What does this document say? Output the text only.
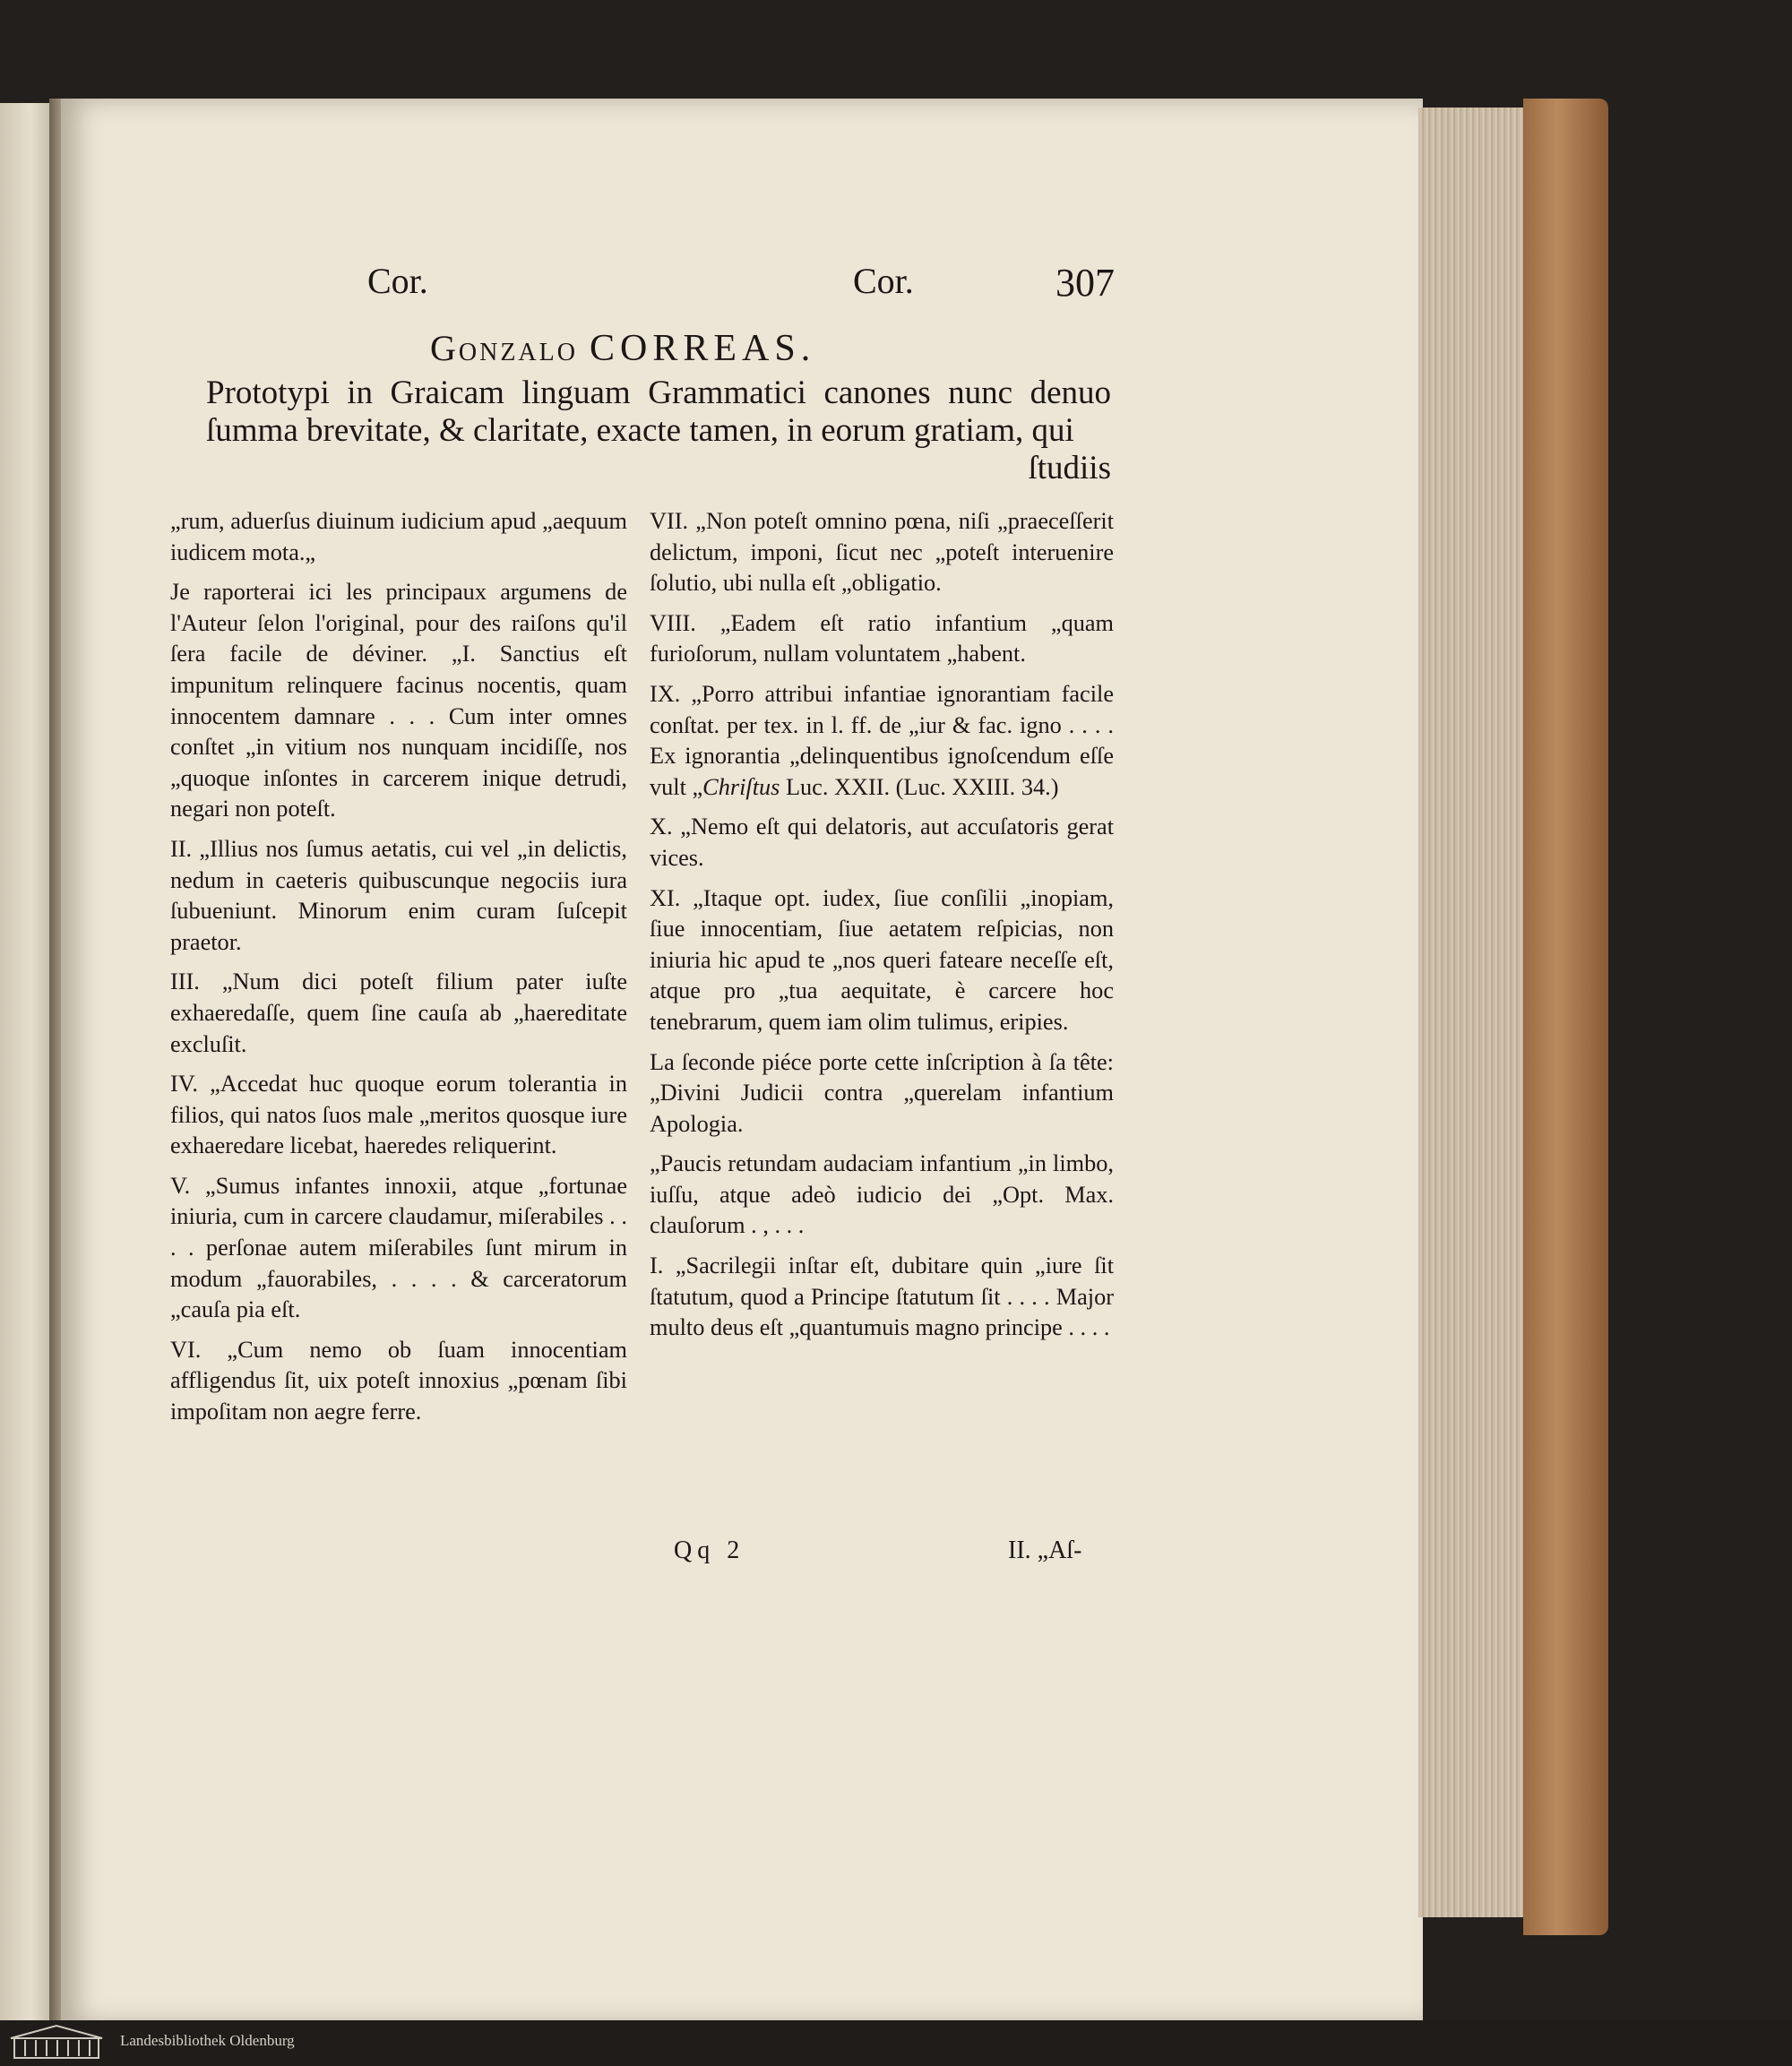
Cor.	Cor.	307
Gonzalo CORREAS.
Prototypi in Graicam linguam Grammatici canones nunc denuo ſumma brevitate, & claritate, exacte tamen, in eorum gratiam, qui
ſtudiis

„rum, aduerſus diuinum iudicium apud „aequum iudicem mota.„

Je raporterai ici les principaux argumens de l'Auteur ſelon l'original, pour des raiſons qu'il ſera facile de déviner. „I. Sanctius eſt impunitum relinquere facinus nocentis, quam innocentem damnare . . . Cum inter omnes conſtet „in vitium nos nunquam incidiſſe, nos „quoque inſontes in carcerem inique detrudi, negari non poteſt.

II. „Illius nos ſumus aetatis, cui vel „in delictis, nedum in caeteris quibuscunque negociis iura ſubueniunt. Minorum enim curam ſuſcepit praetor.

III. „Num dici poteſt filium pater iuſte exhaeredaſſe, quem ſine cauſa ab „haereditate excluſit.

IV. „Accedat huc quoque eorum tolerantia in filios, qui natos ſuos male „meritos quosque iure exhaeredare licebat, haeredes reliquerint.

V. „Sumus infantes innoxii, atque „fortunae iniuria, cum in carcere claudamur, miſerabiles . . . . perſonae autem miſerabiles ſunt mirum in modum „fauorabiles, . . . . & carceratorum „cauſa pia eſt.

VI. „Cum nemo ob ſuam innocentiam affligendus ſit, uix poteſt innoxius „pœnam ſibi impoſitam non aegre ferre.

VII. „Non poteſt omnino pœna, niſi „praeceſſerit delictum, imponi, ſicut nec „poteſt interuenire ſolutio, ubi nulla eſt „obligatio.

VIII. „Eadem eſt ratio infantium „quam furioſorum, nullam voluntatem „habent.

IX. „Porro attribui infantiae ignorantiam facile conſtat. per tex. in l. ff. de „iur & fac. igno . . . . Ex ignorantia „delinquentibus ignoſcendum eſſe vult „Chriſtus Luc. XXII. (Luc. XXIII. 34.)

X. „Nemo eſt qui delatoris, aut accuſatoris gerat vices.

XI. „Itaque opt. iudex, ſiue conſilii „inopiam, ſiue innocentiam, ſiue aetatem reſpicias, non iniuria hic apud te „nos queri fateare neceſſe eſt, atque pro „tua aequitate, è carcere hoc tenebrarum, quem iam olim tulimus, eripies.

La ſeconde piéce porte cette inſcription à ſa tête: „Divini Judicii contra „querelam infantium Apologia.

„Paucis retundam audaciam infantium „in limbo, iuſſu, atque adeò iudicio dei „Opt. Max. clauſorum . , . . .

I. „Sacrilegii inſtar eſt, dubitare quin „iure ſit ſtatutum, quod a Principe ſtatutum ſit . . . . Major multo deus eſt „quantumuis magno principe . . . .

Qq 2	II. „Aſ-
Landesbibliothek Oldenburg
